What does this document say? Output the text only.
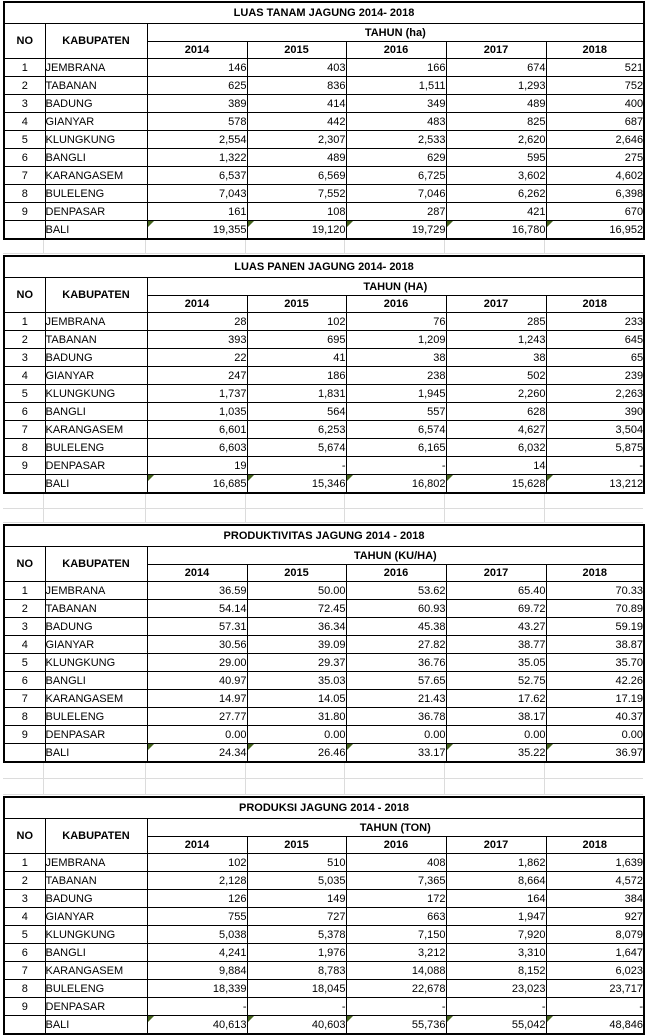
LUAS TANAM JAGUNG 2014- 2018						
NO	KABUPATEN	TAHUN (ha)				
		2014	2015	2016	2017	2018
1	JEMBRANA	146	403	166	674	521
2	TABANAN	625	836	1,511	1,293	752
3	BADUNG	389	414	349	489	400
4	GIANYAR	578	442	483	825	687
5	KLUNGKUNG	2,554	2,307	2,533	2,620	2,646
6	BANGLI	1,322	489	629	595	275
7	KARANGASEM	6,537	6,569	6,725	3,602	4,602
8	BULELENG	7,043	7,552	7,046	6,262	6,398
9	DENPASAR	161	108	287	421	670
	BALI	19,355	19,120	19,729	16,780	16,952
LUAS PANEN JAGUNG 2014- 2018						
NO	KABUPATEN	TAHUN (HA)				
		2014	2015	2016	2017	2018
1	JEMBRANA	28	102	76	285	233
2	TABANAN	393	695	1,209	1,243	645
3	BADUNG	22	41	38	38	65
4	GIANYAR	247	186	238	502	239
5	KLUNGKUNG	1,737	1,831	1,945	2,260	2,263
6	BANGLI	1,035	564	557	628	390
7	KARANGASEM	6,601	6,253	6,574	4,627	3,504
8	BULELENG	6,603	5,674	6,165	6,032	5,875
9	DENPASAR	19	-	-	14	-
	BALI	16,685	15,346	16,802	15,628	13,212
PRODUKTIVITAS JAGUNG 2014 - 2018						
NO	KABUPATEN	TAHUN (KU/HA)				
		2014	2015	2016	2017	2018
1	JEMBRANA	36.59	50.00	53.62	65.40	70.33
2	TABANAN	54.14	72.45	60.93	69.72	70.89
3	BADUNG	57.31	36.34	45.38	43.27	59.19
4	GIANYAR	30.56	39.09	27.82	38.77	38.87
5	KLUNGKUNG	29.00	29.37	36.76	35.05	35.70
6	BANGLI	40.97	35.03	57.65	52.75	42.26
7	KARANGASEM	14.97	14.05	21.43	17.62	17.19
8	BULELENG	27.77	31.80	36.78	38.17	40.37
9	DENPASAR	0.00	0.00	0.00	0.00	0.00
	BALI	24.34	26.46	33.17	35.22	36.97
PRODUKSI JAGUNG 2014 - 2018						
NO	KABUPATEN	TAHUN (TON)				
		2014	2015	2016	2017	2018
1	JEMBRANA	102	510	408	1,862	1,639
2	TABANAN	2,128	5,035	7,365	8,664	4,572
3	BADUNG	126	149	172	164	384
4	GIANYAR	755	727	663	1,947	927
5	KLUNGKUNG	5,038	5,378	7,150	7,920	8,079
6	BANGLI	4,241	1,976	3,212	3,310	1,647
7	KARANGASEM	9,884	8,783	14,088	8,152	6,023
8	BULELENG	18,339	18,045	22,678	23,023	23,717
9	DENPASAR	-	-	-	-	-
	BALI	40,613	40,603	55,736	55,042	48,846
